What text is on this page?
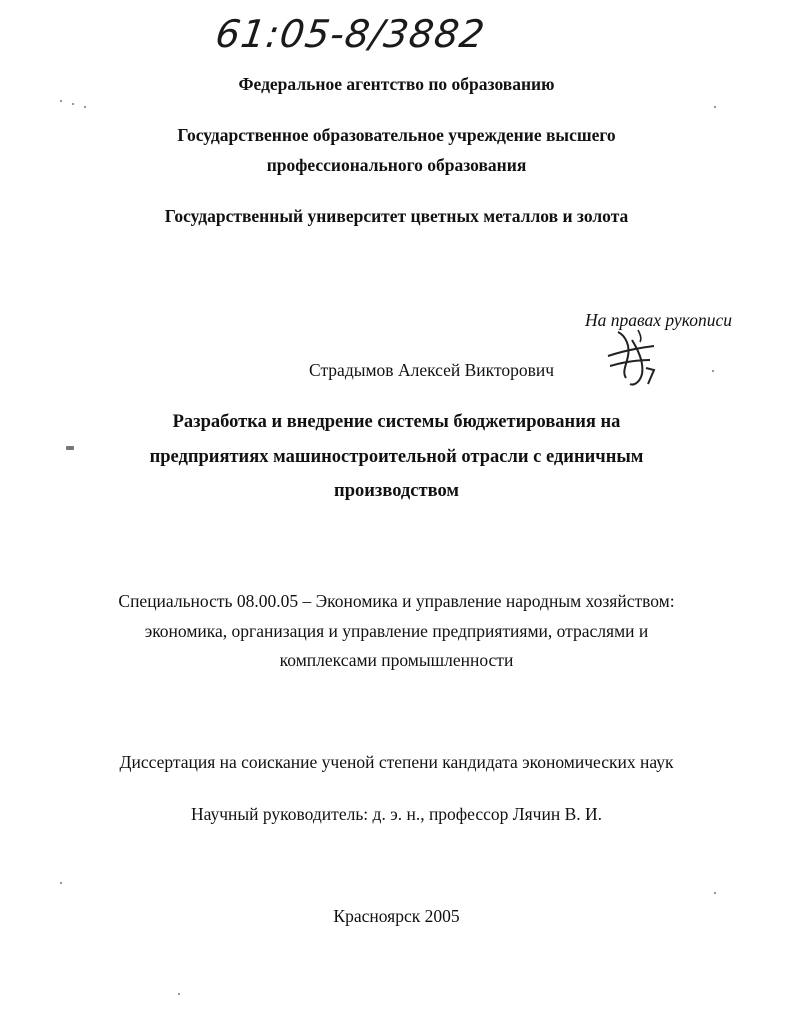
61:05-8/3882
Федеральное агентство по образованию
Государственное образовательное учреждение высшего
профессионального образования
Государственный университет цветных металлов и золота
На правах рукописи
Страдымов Алексей Викторович
Разработка и внедрение системы бюджетирования на
предприятиях машиностроительной отрасли с единичным
производством
Специальность 08.00.05 – Экономика и управление народным хозяйством:
экономика, организация и управление предприятиями, отраслями и
комплексами промышленности
Диссертация на соискание ученой степени кандидата экономических наук
Научный руководитель: д. э. н., профессор Лячин В. И.
Красноярск 2005
